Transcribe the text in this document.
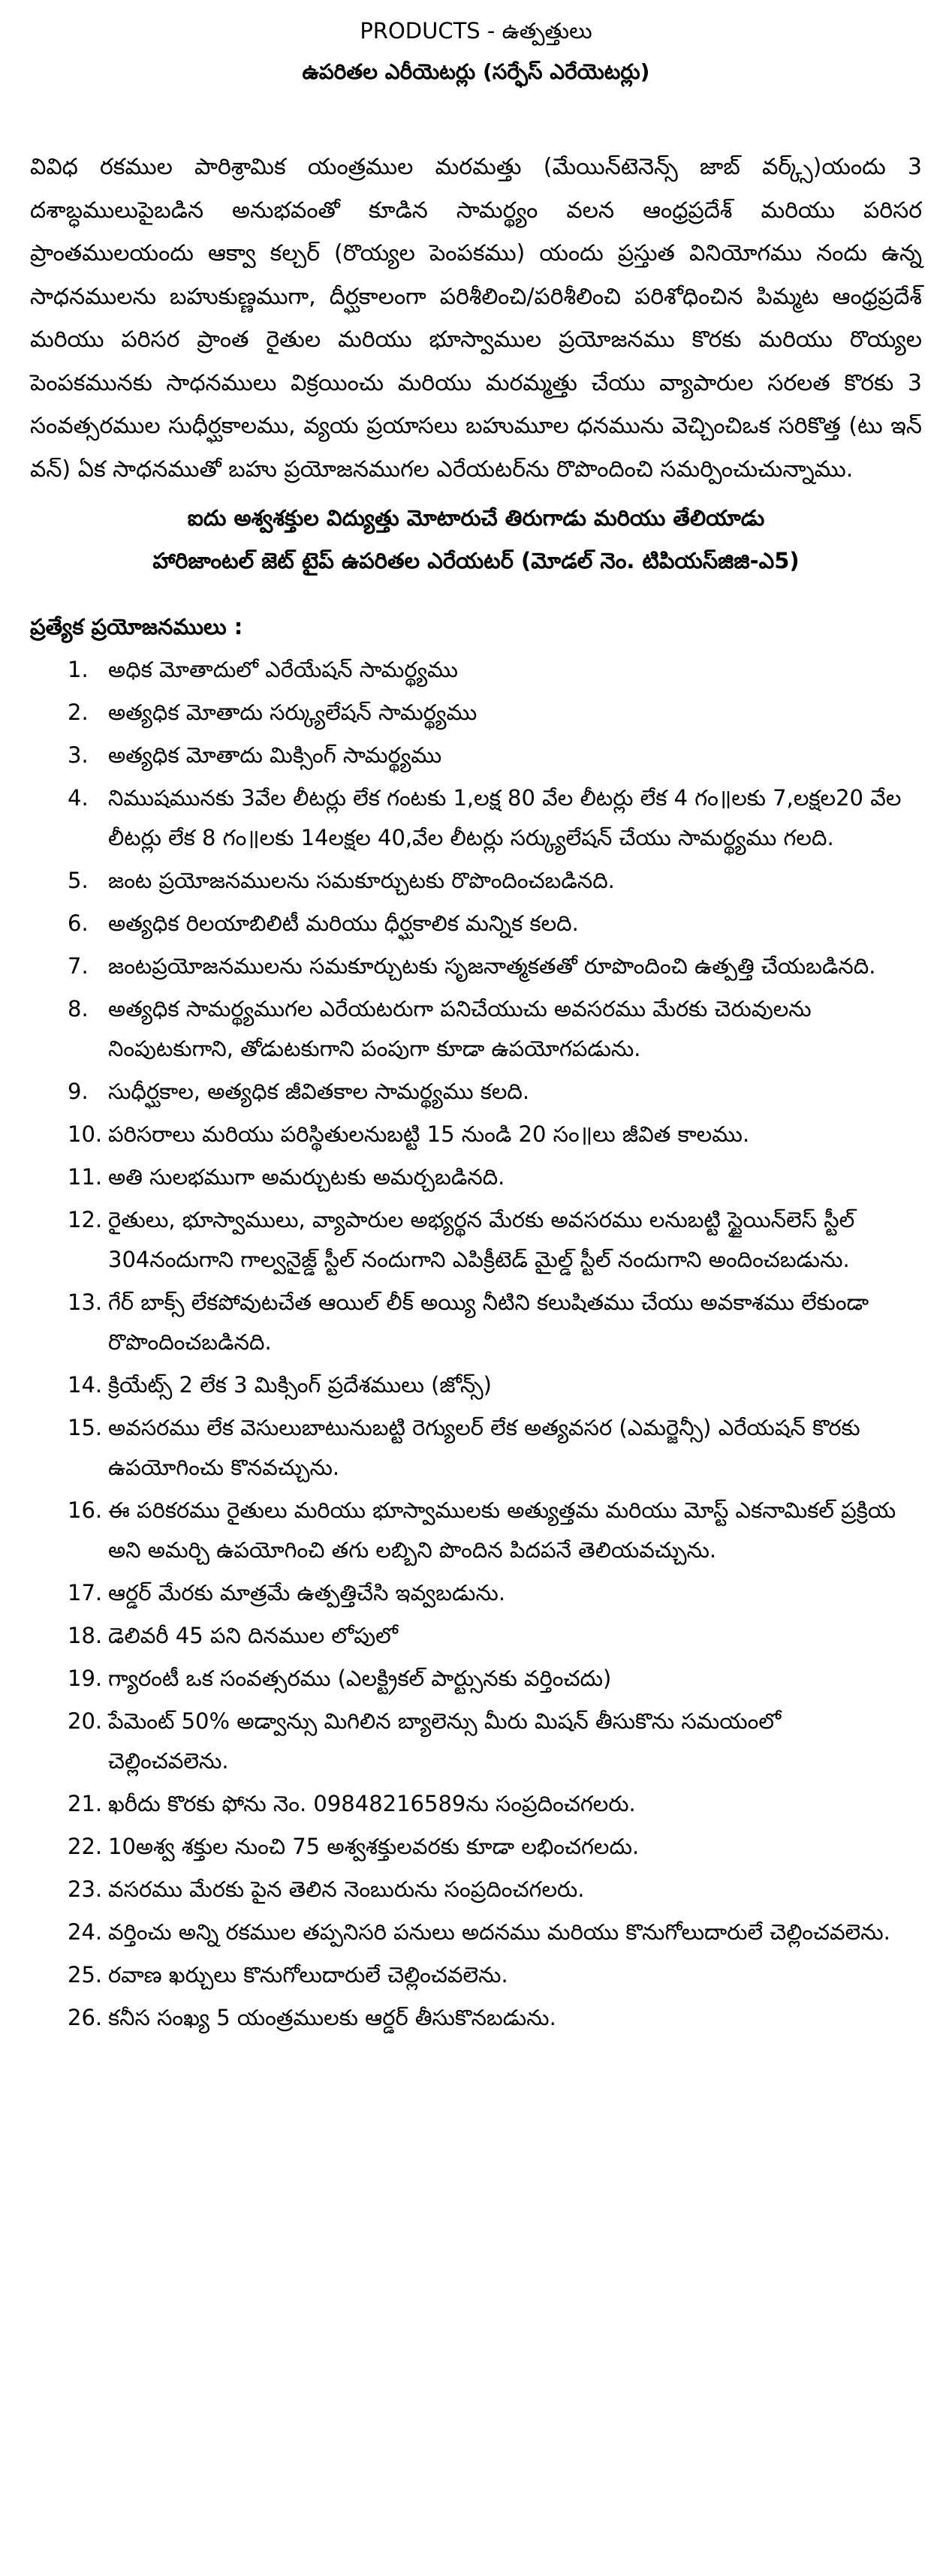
PRODUCTS - ఉత్పత్తులు
ఉపరితల ఎరీయెటర్లు (సర్ఫేస్ ఎరేయెటర్లు)

వివిధ రకముల పారిశ్రామిక యంత్రముల మరమత్తు (మేయిన్‌టెనెన్స్ జాబ్ వర్క్స్)యందు 3 దశాబ్ధములుపైబడిన అనుభవంతో కూడిన సామర్థ్యం వలన ఆంధ్రప్రదేశ్ మరియు పరిసర ప్రాంతములయందు ఆక్వా కల్చర్ (రొయ్యల పెంపకము) యందు ప్రస్తుత వినియోగము నందు ఉన్న సాధనములను బహుకుణ్ణముగా, దీర్ఘకాలంగా పరిశీలించి/పరిశీలించి పరిశోధించిన పిమ్మట ఆంధ్రప్రదేశ్ మరియు పరిసర ప్రాంత రైతుల మరియు భూస్వాముల ప్రయోజనము కొరకు మరియు రొయ్యల పెంపకమునకు సాధనములు విక్రయించు మరియు మరమ్మత్తు చేయు వ్యాపారుల సరలత కొరకు 3 సంవత్సరముల సుధీర్ఘకాలము, వ్యయ ప్రయాసలు బహుమూల ధనమును వెచ్చించిఒక సరికొత్త (టు ఇన్ వన్) ఏక సాధనముతో బహు ప్రయోజనముగల ఎరేయటర్‌ను రొపొందించి సమర్పించుచున్నాము.

ఐదు అశ్వశక్తుల విద్యుత్తు మోటారుచే తిరుగాడు మరియు తేలియాడు
హారిజాంటల్ జెట్ టైప్ ఉపరితల ఎరేయటర్ (మోడల్ నెం. టిపియస్‌జిజి-ఎ5)
ప్రత్యేక ప్రయోజనములు :
1. అధిక మోతాదులో ఎరేయేషన్ సామర్థ్యము
2. అత్యధిక మోతాదు సర్క్యులేషన్ సామర్థ్యము
3. అత్యధిక మోతాదు మిక్సింగ్ సామర్థ్యము
4. నిముషమునకు 3వేల లీటర్లు లేక గంటకు 1,లక్ష 80 వేల లీటర్లు లేక 4 గం॥లకు 7,లక్షల20 వేల లీటర్లు లేక 8 గం॥లకు 14లక్షల 40,వేల లీటర్లు సర్క్యులేషన్ చేయు సామర్థ్యము గలది.
5. జంట ప్రయోజనములను సమకూర్చుటకు రొపొందించబడినది.
6. అత్యధిక రిలయాబిలిటీ మరియు ధీర్ఘకాలిక మన్నిక కలది.
7. జంటప్రయోజనములను సమకూర్చుటకు సృజనాత్మకతతో రూపొందించి ఉత్పత్తి చేయబడినది.
8. అత్యధిక సామర్థ్యముగల ఎరేయటరుగా పనిచేయుచు అవసరము మేరకు చెరువులను నింపుటకుగాని, తోడుటకుగాని పంపుగా కూడా ఉపయోగపడును.
9. సుధీర్ఘకాల, అత్యధిక జీవితకాల సామర్థ్యము కలది.
10. పరిసరాలు మరియు పరిస్థితులనుబట్టి 15 నుండి 20 సం॥లు జీవిత కాలము.
11. అతి సులభముగా అమర్చుటకు అమర్చబడినది.
12. రైతులు, భూస్వాములు, వ్యాపారుల అభ్యర్థన మేరకు అవసరము లనుబట్టి స్టైయిన్‌లెస్ స్టీల్ 304నందుగాని గాల్వనైజ్డ్ స్టీల్ నందుగాని ఎపిక్రీటెడ్ మైల్డ్ స్టీల్ నందుగాని అందించబడును.
13. గేర్ బాక్స్ లేకపోవుటచేత ఆయిల్ లీక్ అయ్యి నీటిని కలుషితము చేయు అవకాశము లేకుండా రొపొందించబడినది.
14. క్రియేట్స్ 2 లేక 3 మిక్సింగ్ ప్రదేశములు (జోన్స్)
15. అవసరము లేక వెసులుబాటునుబట్టి రెగ్యులర్ లేక అత్యవసర (ఎమర్జెన్సీ) ఎరేయషన్ కొరకు ఉపయోగించు కొనవచ్చును.
16. ఈ పరికరము రైతులు మరియు భూస్వాములకు అత్యుత్తమ మరియు మోస్ట్ ఎకనామికల్ ప్రక్రియ అని అమర్చి ఉపయోగించి తగు లబ్బిని పొందిన పిదపనే తెలియవచ్చును.
17. ఆర్డర్ మేరకు మాత్రమే ఉత్పత్తిచేసి ఇవ్వబడును.
18. డెలివరీ 45 పని దినముల లోపులో
19. గ్యారంటీ ఒక సంవత్సరము (ఎలక్ట్రికల్ పార్ట్సునకు వర్తించదు)
20. పేమెంట్ 50% అడ్వాన్సు మిగిలిన బ్యాలెన్సు మీరు మిషన్ తీసుకొను సమయంలో చెల్లించవలెను.
21. ఖరీదు కొరకు ఫోను నెం. 09848216589ను సంప్రదించగలరు.
22. 10అశ్వ శక్తుల నుంచి 75 అశ్వశక్తులవరకు కూడా లభించగలదు.
23. వసరము మేరకు పైన తెలిన నెంబురును సంప్రదించగలరు.
24. వర్తించు అన్ని రకముల తప్పనిసరి పనులు అదనము మరియు కొనుగోలుదారులే చెల్లించవలెను.
25. రవాణ ఖర్చులు కొనుగోలుదారులే చెల్లించవలెను.
26. కనీస సంఖ్య 5 యంత్రములకు ఆర్డర్ తీసుకొనబడును.
